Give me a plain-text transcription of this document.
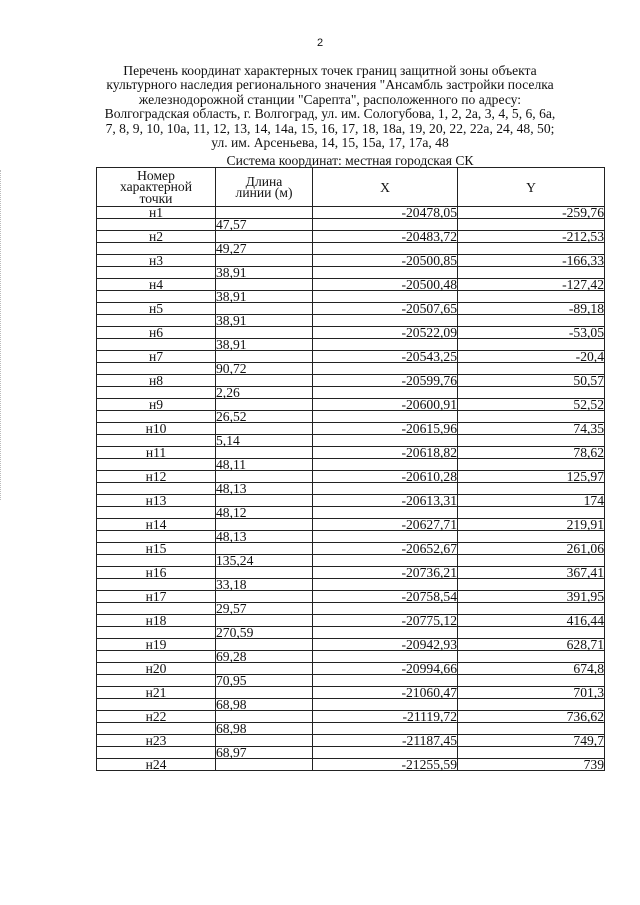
2
Перечень координат характерных точек границ защитной зоны объекта
культурного наследия регионального значения "Ансамбль застройки поселка
железнодорожной станции "Сарепта", расположенного по адресу:
Волгоградская область, г. Волгоград, ул. им. Сологубова, 1, 2, 2а, 3, 4, 5, 6, 6а,
7, 8, 9, 10, 10а, 11, 12, 13, 14, 14а, 15, 16, 17, 18, 18а, 19, 20, 22, 22а, 24, 48, 50;
ул. им. Арсеньева, 14, 15, 15а, 17, 17а, 48
Система координат: местная городская СК
Номер
характерной
точки	Длина
линии (м)	X	Y
н1		-20478,05	-259,76
	47,57		
н2		-20483,72	-212,53
	49,27		
н3		-20500,85	-166,33
	38,91		
н4		-20500,48	-127,42
	38,91		
н5		-20507,65	-89,18
	38,91		
н6		-20522,09	-53,05
	38,91		
н7		-20543,25	-20,4
	90,72		
н8		-20599,76	50,57
	2,26		
н9		-20600,91	52,52
	26,52		
н10		-20615,96	74,35
	5,14		
н11		-20618,82	78,62
	48,11		
н12		-20610,28	125,97
	48,13		
н13		-20613,31	174
	48,12		
н14		-20627,71	219,91
	48,13		
н15		-20652,67	261,06
	135,24		
н16		-20736,21	367,41
	33,18		
н17		-20758,54	391,95
	29,57		
н18		-20775,12	416,44
	270,59		
н19		-20942,93	628,71
	69,28		
н20		-20994,66	674,8
	70,95		
н21		-21060,47	701,3
	68,98		
н22		-21119,72	736,62
	68,98		
н23		-21187,45	749,7
	68,97		
н24		-21255,59	739
